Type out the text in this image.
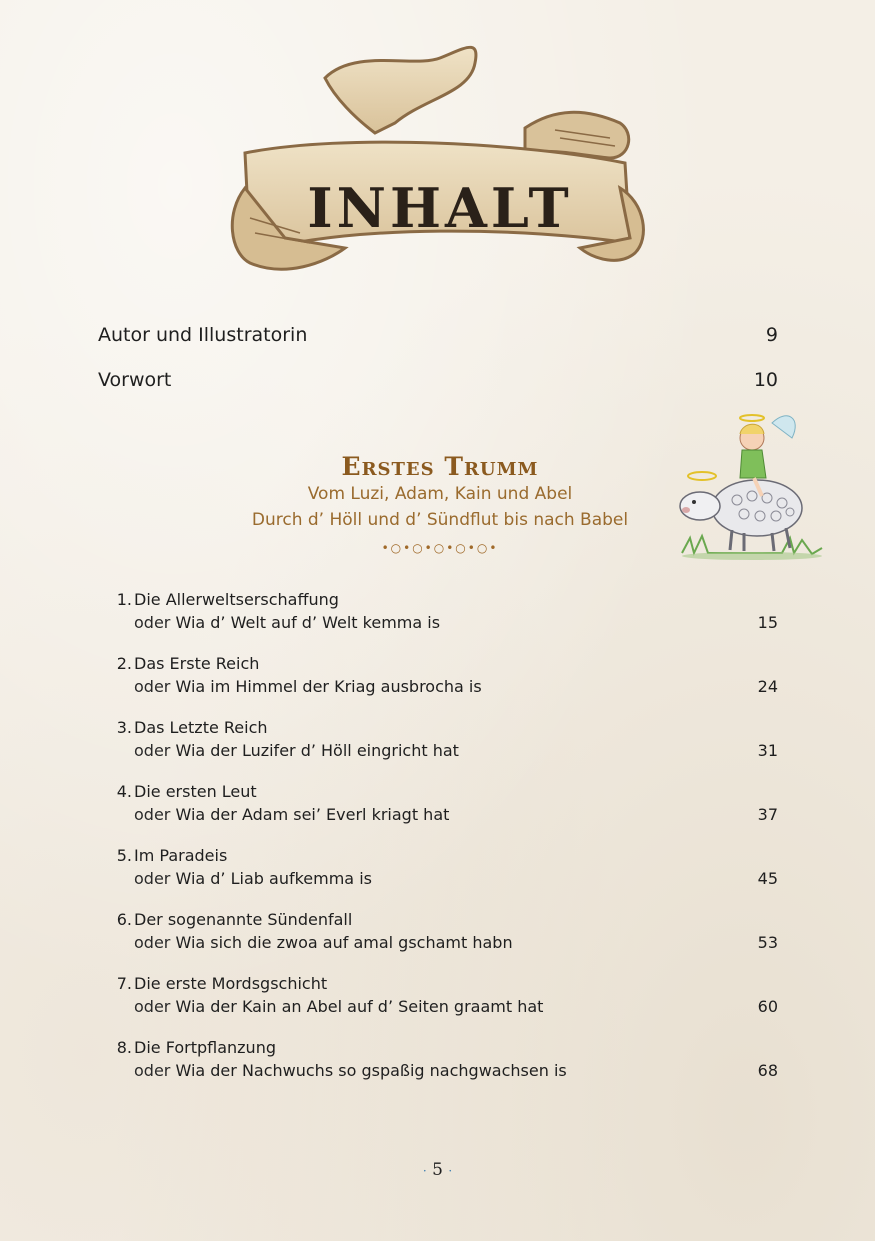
INHALT
Autor und Illustratorin	9
Vorwort	10
Erstes Trumm
Vom Luzi, Adam, Kain und Abel
Durch d’ Höll und d’ Sündflut bis nach Babel
•○•○•○•○•○•
1. Die Allerweltserschaffung
oder Wia d’ Welt auf d’ Welt kemma is	15
2. Das Erste Reich
oder Wia im Himmel der Kriag ausbrocha is	24
3. Das Letzte Reich
oder Wia der Luzifer d’ Höll eingricht hat	31
4. Die ersten Leut
oder Wia der Adam sei’ Everl kriagt hat	37
5. Im Paradeis
oder Wia d’ Liab aufkemma is	45
6. Der sogenannte Sündenfall
oder Wia sich die zwoa auf amal gschamt habn	53
7. Die erste Mordsgschicht
oder Wia der Kain an Abel auf d’ Seiten graamt hat	60
8. Die Fortpflanzung
oder Wia der Nachwuchs so gspaßig nachgwachsen is	68
· 5 ·
